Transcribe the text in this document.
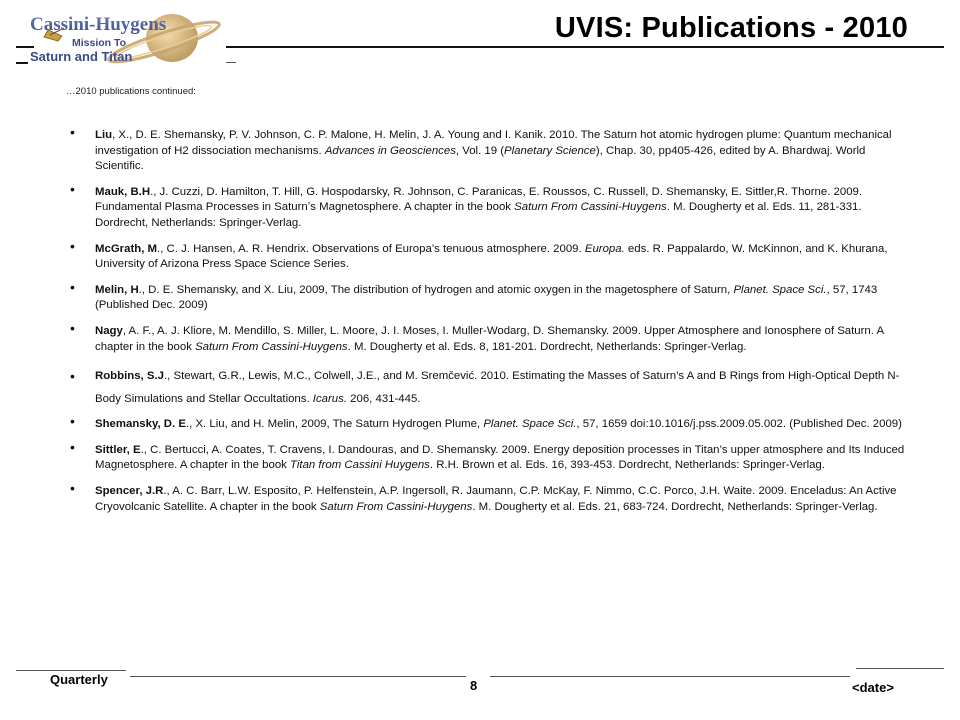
Cassini-Huygens
Mission To
Saturn and Titan
UVIS: Publications - 2010
…2010 publications continued:
• Liu, X., D. E. Shemansky, P. V. Johnson, C. P. Malone, H. Melin, J. A. Young and I. Kanik. 2010. The Saturn hot atomic hydrogen plume: Quantum mechanical investigation of H2 dissociation mechanisms. Advances in Geosciences, Vol. 19 (Planetary Science), Chap. 30, pp405-426, edited by A. Bhardwaj. World Scientific.
• Mauk, B.H., J. Cuzzi, D. Hamilton, T. Hill, G. Hospodarsky, R. Johnson, C. Paranicas, E. Roussos, C. Russell, D. Shemansky, E. Sittler,R. Thorne. 2009. Fundamental Plasma Processes in Saturnʼs Magnetosphere. A chapter in the book Saturn From Cassini-Huygens. M. Dougherty et al. Eds. 11, 281-331. Dordrecht, Netherlands: Springer-Verlag.
• McGrath, M., C. J. Hansen, A. R. Hendrix. Observations of Europa’s tenuous atmosphere. 2009. Europa. eds. R. Pappalardo, W. McKinnon, and K. Khurana, University of Arizona Press Space Science Series.
• Melin, H., D. E. Shemansky, and X. Liu, 2009, The distribution of hydrogen and atomic oxygen in the magetosphere of Saturn, Planet. Space Sci., 57, 1743 (Published Dec. 2009)
• Nagy, A. F., A. J. Kliore, M. Mendillo, S. Miller, L. Moore, J. I. Moses, I. Muller-Wodarg, D. Shemansky. 2009. Upper Atmosphere and Ionosphere of Saturn. A chapter in the book Saturn From Cassini-Huygens. M. Dougherty et al. Eds. 8, 181-201. Dordrecht, Netherlands: Springer-Verlag.
• Robbins, S.J., Stewart, G.R., Lewis, M.C., Colwell, J.E., and M. Sremčević. 2010. Estimating the Masses of Saturn’s A and B Rings from High-Optical Depth N-Body Simulations and Stellar Occultations. Icarus. 206, 431-445.
• Shemansky, D. E., X. Liu, and H. Melin, 2009, The Saturn Hydrogen Plume, Planet. Space Sci., 57, 1659 doi:10.1016/j.pss.2009.05.002. (Published Dec. 2009)
• Sittler, E., C. Bertucci, A. Coates, T. Cravens, I. Dandouras, and D. Shemansky. 2009. Energy deposition processes in Titan’s upper atmosphere and Its Induced Magnetosphere. A chapter in the book Titan from Cassini Huygens. R.H. Brown et al. Eds. 16, 393-453. Dordrecht, Netherlands: Springer-Verlag.
• Spencer, J.R., A. C. Barr, L.W. Esposito, P. Helfenstein, A.P. Ingersoll, R. Jaumann, C.P. McKay, F. Nimmo, C.C. Porco, J.H. Waite. 2009. Enceladus: An Active Cryovolcanic Satellite. A chapter in the book Saturn From Cassini-Huygens. M. Dougherty et al. Eds. 21, 683-724. Dordrecht, Netherlands: Springer-Verlag.
Quarterly	8	<date>
